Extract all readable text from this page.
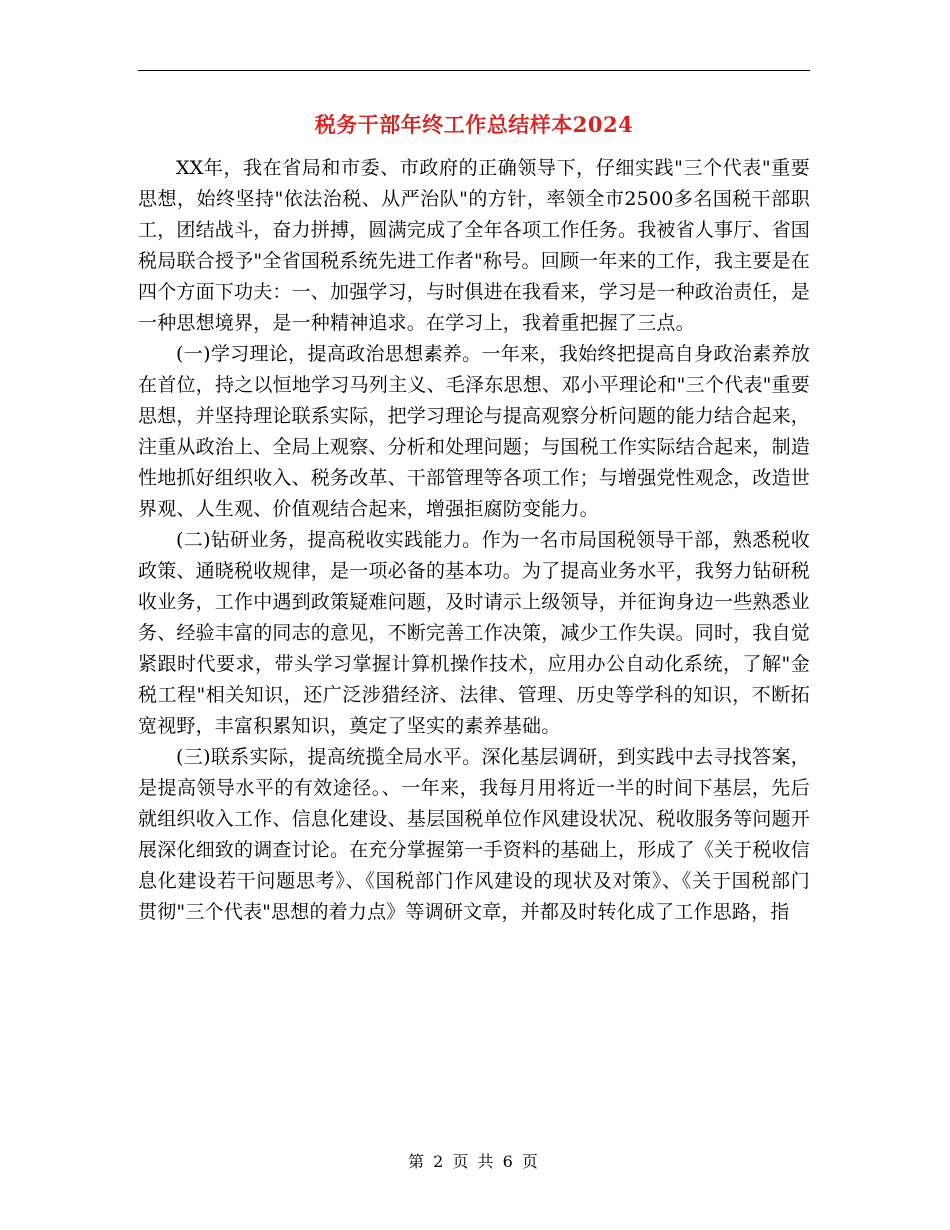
税务干部年终工作总结样本2024

XX年，我在省局和市委、市政府的正确领导下，仔细实践"三个代表"重要思想，始终坚持"依法治税、从严治队"的方针，率领全市2500多名国税干部职工，团结战斗，奋力拼搏，圆满完成了全年各项工作任务。我被省人事厅、省国税局联合授予"全省国税系统先进工作者"称号。回顾一年来的工作，我主要是在四个方面下功夫：一、加强学习，与时俱进在我看来，学习是一种政治责任，是一种思想境界，是一种精神追求。在学习上，我着重把握了三点。

(一)学习理论，提高政治思想素养。一年来，我始终把提高自身政治素养放在首位，持之以恒地学习马列主义、毛泽东思想、邓小平理论和"三个代表"重要思想，并坚持理论联系实际，把学习理论与提高观察分析问题的能力结合起来，注重从政治上、全局上观察、分析和处理问题；与国税工作实际结合起来，制造性地抓好组织收入、税务改革、干部管理等各项工作；与增强党性观念，改造世界观、人生观、价值观结合起来，增强拒腐防变能力。

(二)钻研业务，提高税收实践能力。作为一名市局国税领导干部，熟悉税收政策、通晓税收规律，是一项必备的基本功。为了提高业务水平，我努力钻研税收业务，工作中遇到政策疑难问题，及时请示上级领导，并征询身边一些熟悉业务、经验丰富的同志的意见，不断完善工作决策，减少工作失误。同时，我自觉紧跟时代要求，带头学习掌握计算机操作技术，应用办公自动化系统，了解"金税工程"相关知识，还广泛涉猎经济、法律、管理、历史等学科的知识，不断拓宽视野，丰富积累知识，奠定了坚实的素养基础。

(三)联系实际，提高统揽全局水平。深化基层调研，到实践中去寻找答案，是提高领导水平的有效途径。、一年来，我每月用将近一半的时间下基层，先后就组织收入工作、信息化建设、基层国税单位作风建设状况、税收服务等问题开展深化细致的调查讨论。在充分掌握第一手资料的基础上，形成了《关于税收信息化建设若干问题思考》、《国税部门作风建设的现状及对策》、《关于国税部门贯彻"三个代表"思想的着力点》等调研文章，并都及时转化成了工作思路，指

第 2 页 共 6 页
